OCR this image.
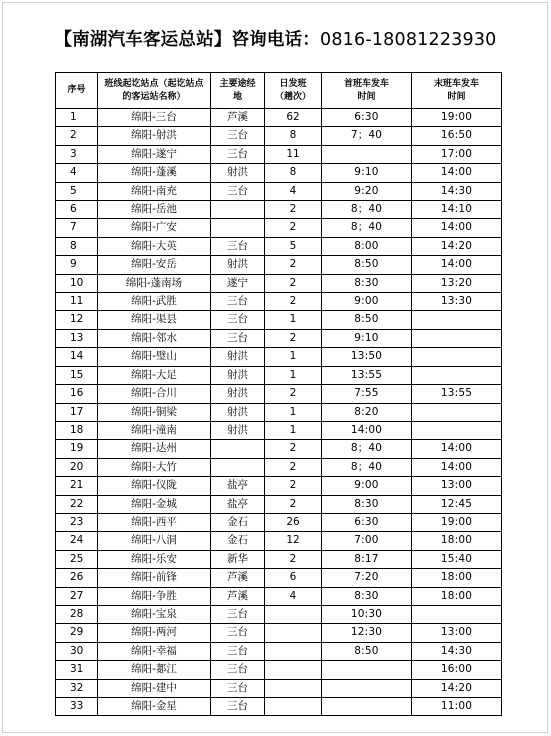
【南湖汽车客运总站】咨询电话：0816-18081223930
序号	班线起讫站点（起讫站点的客运站名称）	主要途经地	日发班（趟次）	首班车发车时间	末班车发车时间
1	绵阳-三台	芦溪	62	6:30	19:00
2	绵阳-射洪	三台	8	7；40	16:50
3	绵阳-遂宁	三台	11		17:00
4	绵阳-蓬溪	射洪	8	9:10	14:00
5	绵阳-南充	三台	4	9:20	14:30
6	绵阳-岳池		2	8；40	14:10
7	绵阳-广安		2	8；40	14:00
8	绵阳-大英	三台	5	8:00	14:20
9	绵阳-安岳	射洪	2	8:50	14:00
10	绵阳-蓬南场	遂宁	2	8:30	13:20
11	绵阳-武胜	三台	2	9:00	13:30
12	绵阳-渠县	三台	1	8:50	
13	绵阳-邻水	三台	2	9:10	
14	绵阳-璧山	射洪	1	13:50	
15	绵阳-大足	射洪	1	13:55	
16	绵阳-合川	射洪	2	7:55	13:55
17	绵阳-铜梁	射洪	1	8:20	
18	绵阳-潼南	射洪	1	14:00	
19	绵阳-达州		2	8；40	14:00
20	绵阳-大竹		2	8；40	14:00
21	绵阳-仪陇	盐亭	2	9:00	13:00
22	绵阳-金城	盐亭	2	8:30	12:45
23	绵阳-西平	金石	26	6:30	19:00
24	绵阳-八洞	金石	12	7:00	18:00
25	绵阳-乐安	新华	2	8:17	15:40
26	绵阳-前锋	芦溪	6	7:20	18:00
27	绵阳-争胜	芦溪	4	8:30	18:00
28	绵阳-宝泉	三台		10:30	
29	绵阳-两河	三台		12:30	13:00
30	绵阳-幸福	三台		8:50	14:30
31	绵阳-郪江	三台			16:00
32	绵阳-建中	三台			14:20
33	绵阳-金星	三台			11:00
